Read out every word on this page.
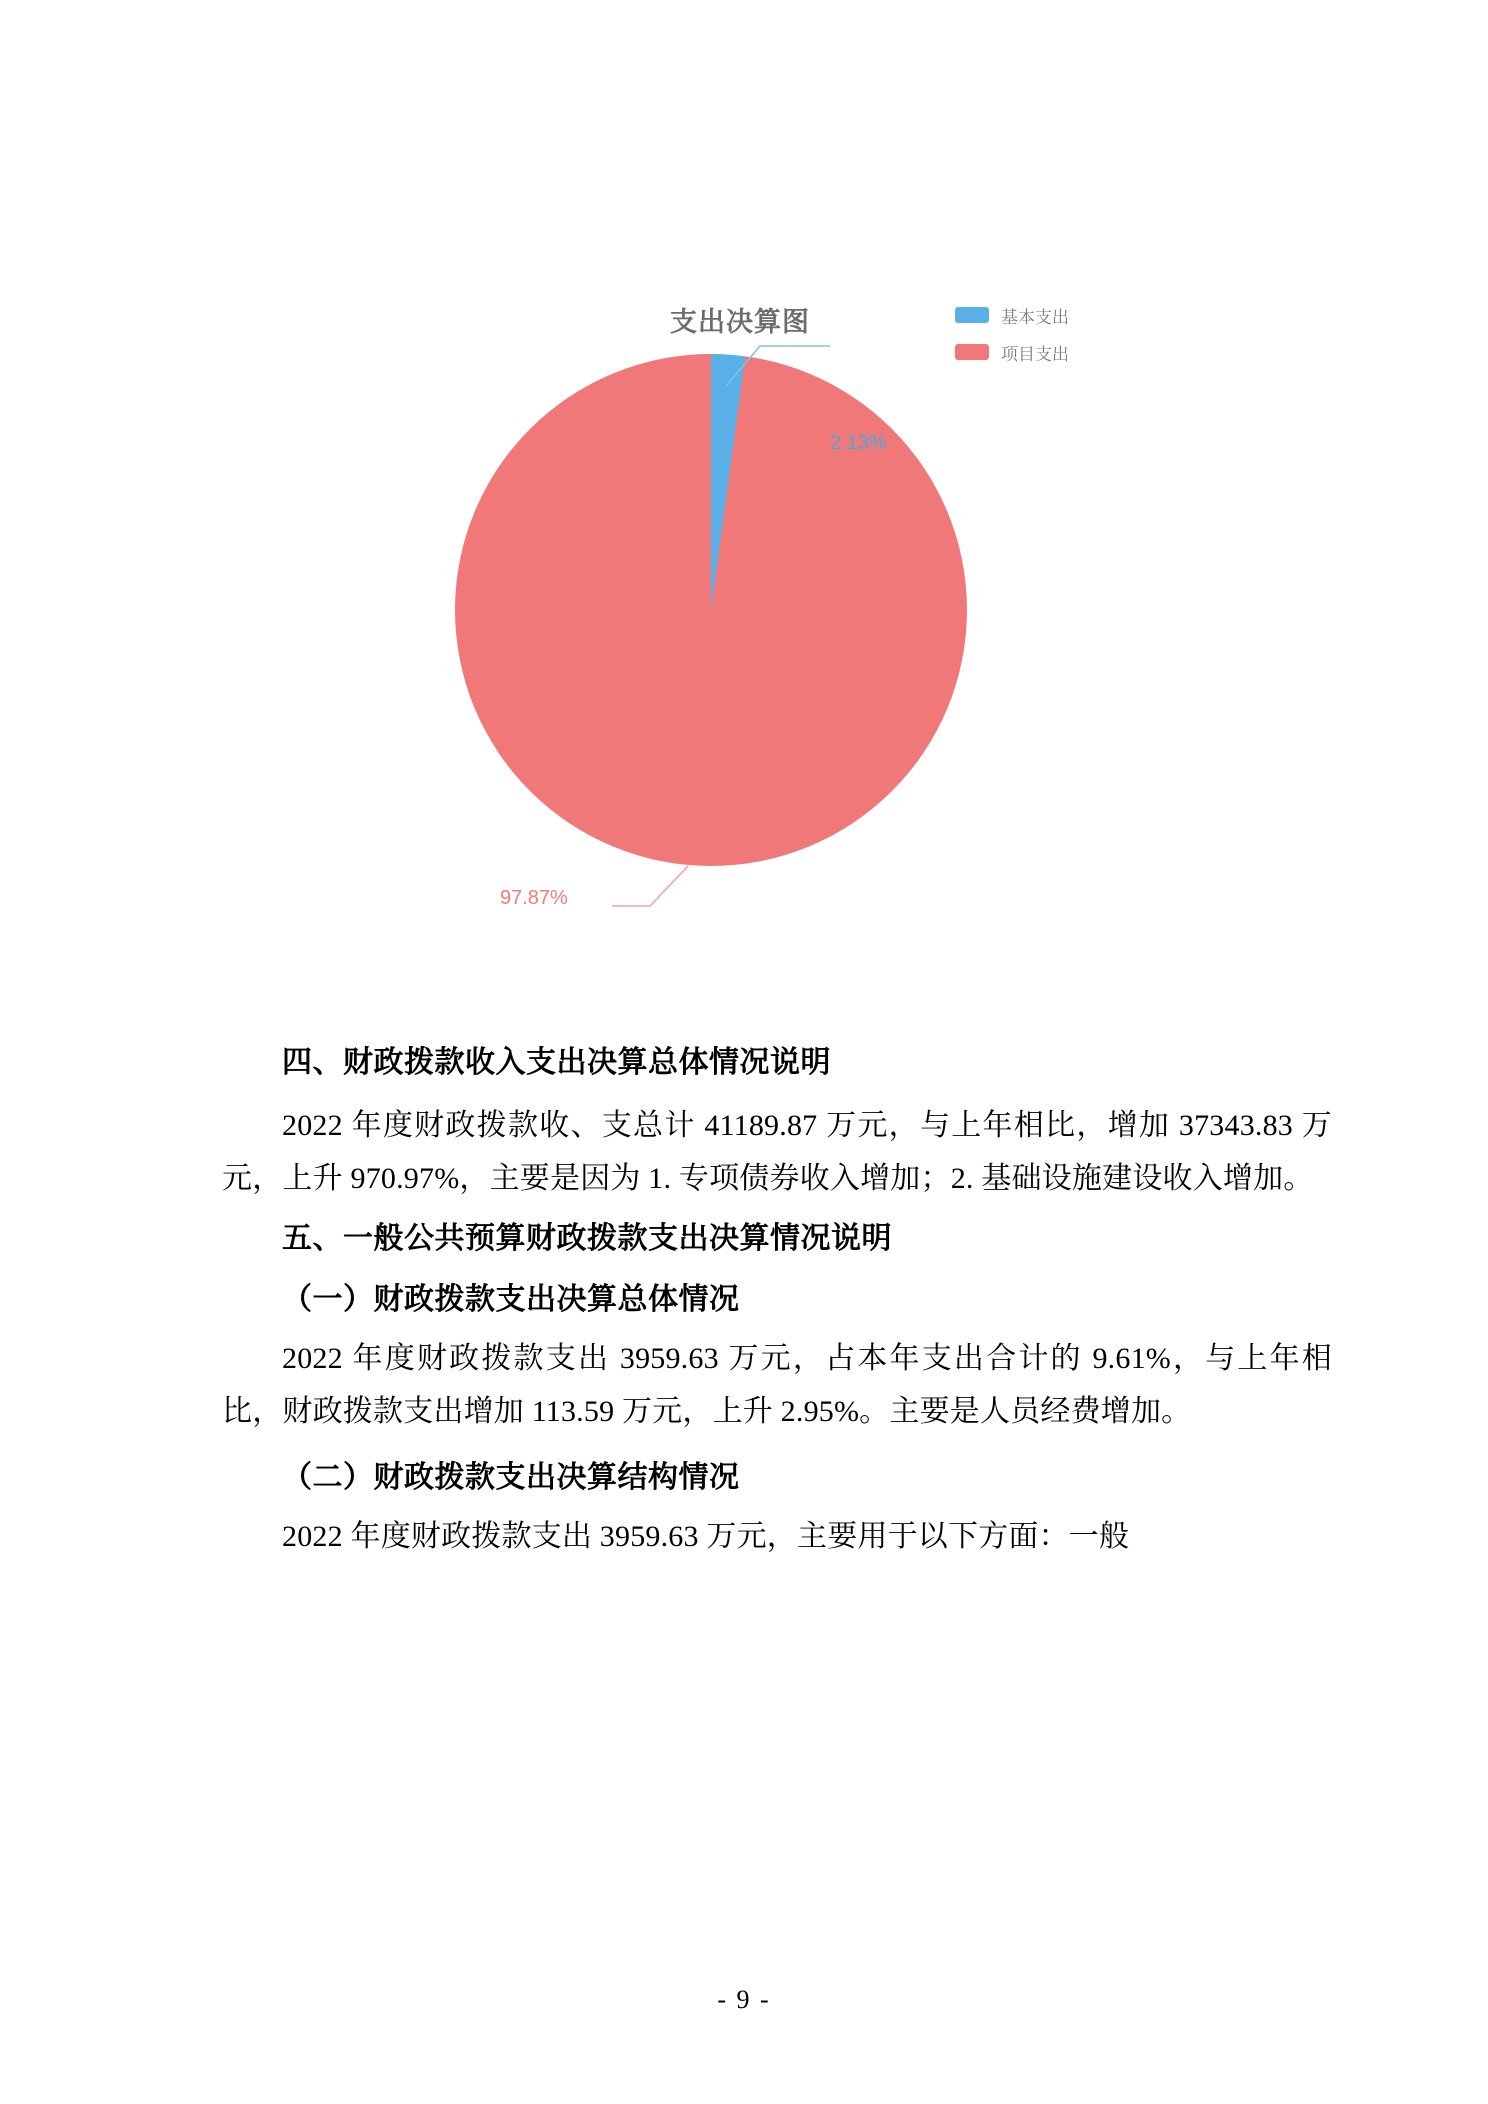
支出决算图	基本支出
项目支出
2.13%
97.87%
四、财政拨款收入支出决算总体情况说明

2022 年度财政拨款收、支总计 41189.87 万元，与上年相比，增加 37343.83 万元，上升 970.97%，主要是因为 1. 专项债券收入增加；2. 基础设施建设收入增加。

五、一般公共预算财政拨款支出决算情况说明
（一）财政拨款支出决算总体情况

2022 年度财政拨款支出 3959.63 万元，占本年支出合计的 9.61%，与上年相比，财政拨款支出增加 113.59 万元，上升 2.95%。主要是人员经费增加。

（二）财政拨款支出决算结构情况

2022 年度财政拨款支出 3959.63 万元，主要用于以下方面：一般

- 9 -
